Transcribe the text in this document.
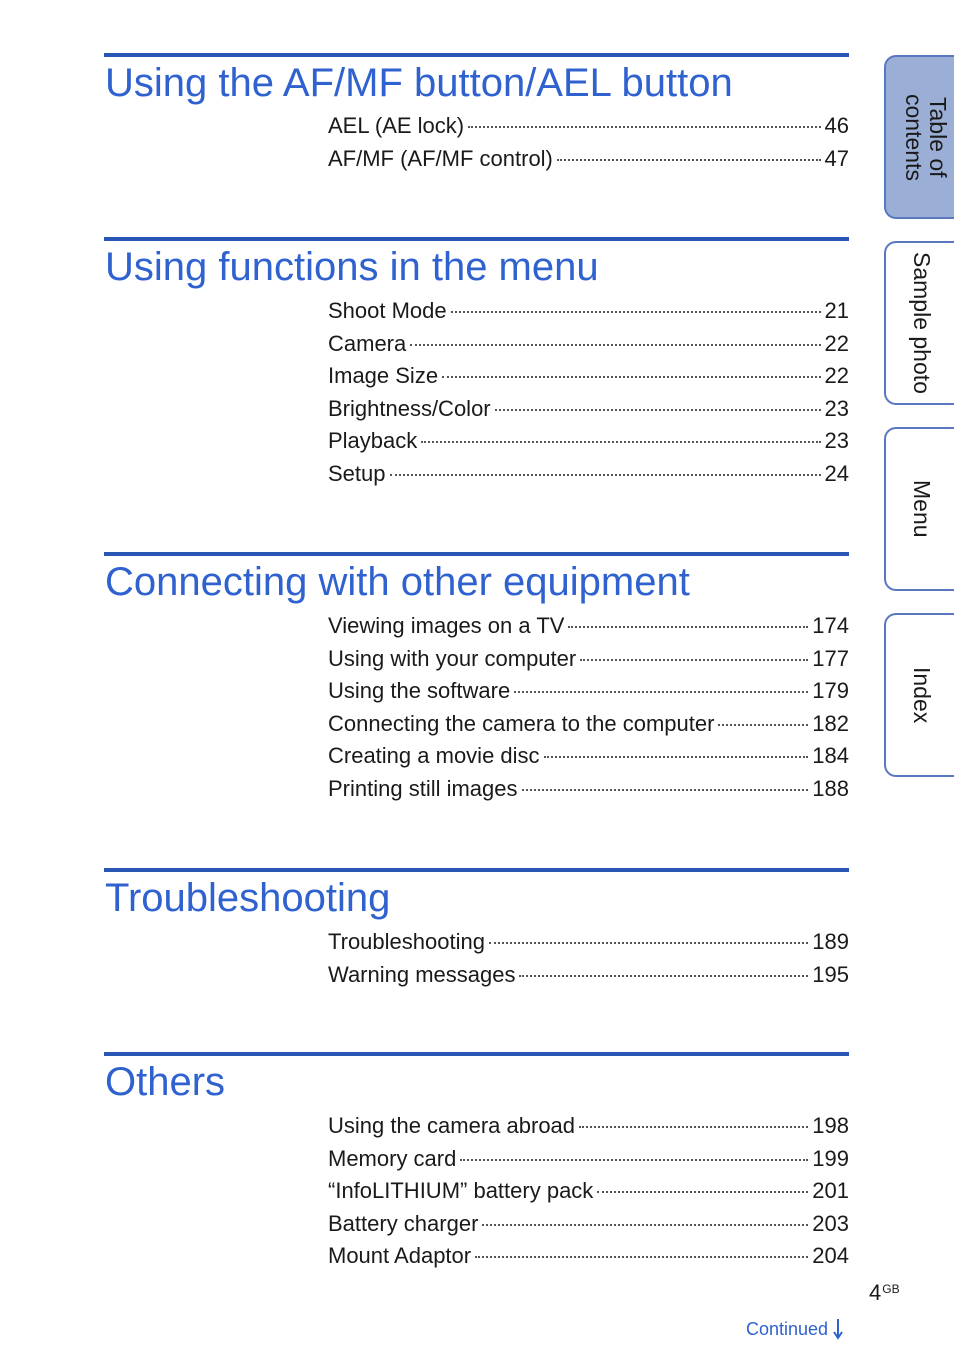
Using the AF/MF button/AEL button
AEL (AE lock)	46
AF/MF (AF/MF control)	47
Using functions in the menu
Shoot Mode	21
Camera	22
Image Size	22
Brightness/Color	23
Playback	23
Setup	24
Connecting with other equipment
Viewing images on a TV	174
Using with your computer	177
Using the software	179
Connecting the camera to the computer	182
Creating a movie disc	184
Printing still images	188
Troubleshooting
Troubleshooting	189
Warning messages	195
Others
Using the camera abroad	198
Memory card	199
“InfoLITHIUM” battery pack	201
Battery charger	203
Mount Adaptor	204
Table of contents
Sample photo
Menu
Index
$4^{GB}$
Continued
